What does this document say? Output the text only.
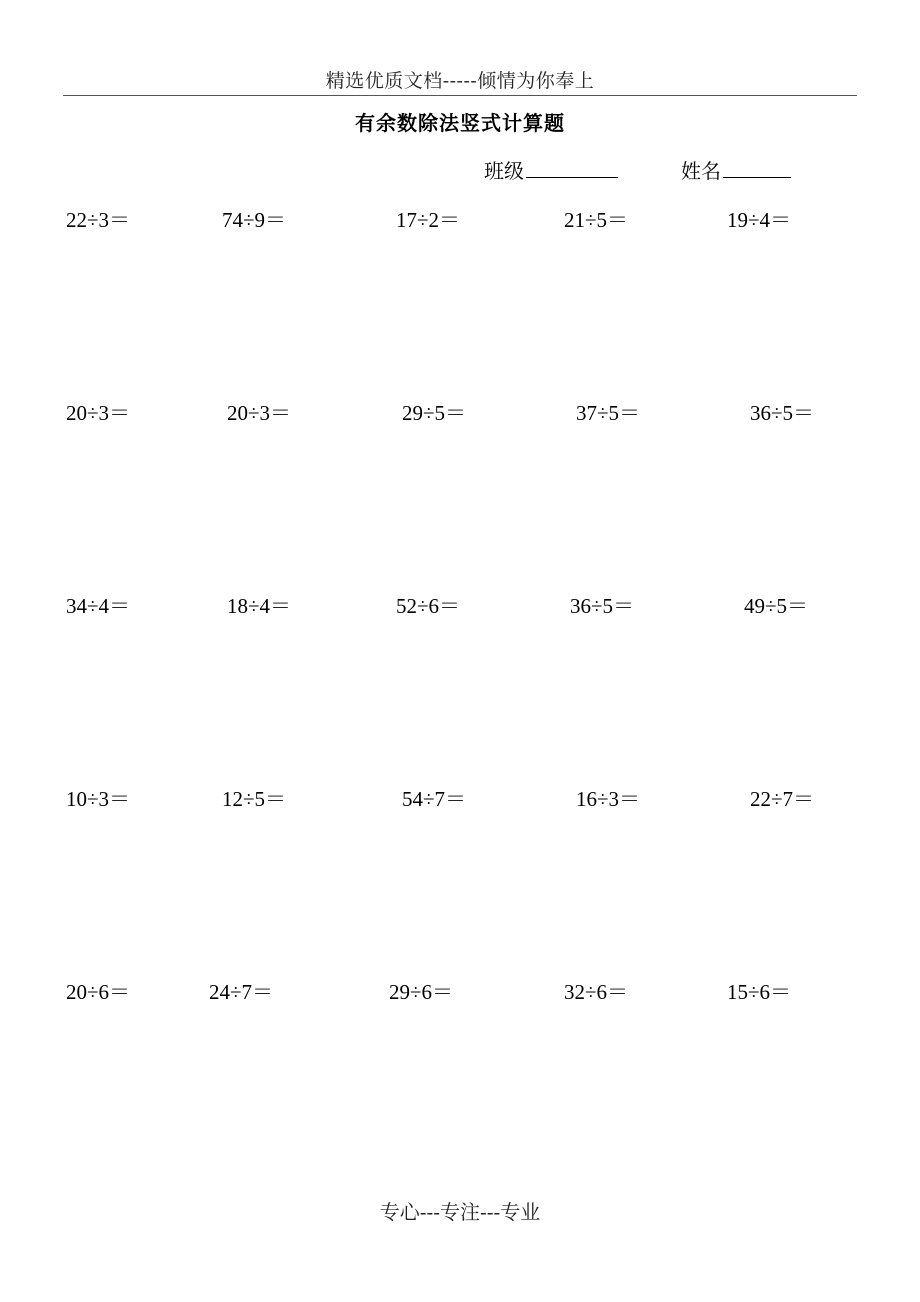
精选优质文档-----倾情为你奉上
有余数除法竖式计算题
班级	姓名
22÷3＝	74÷9＝	17÷2＝	21÷5＝	19÷4＝
20÷3＝	20÷3＝	29÷5＝	37÷5＝	36÷5＝
34÷4＝	18÷4＝	52÷6＝	36÷5＝	49÷5＝
10÷3＝	12÷5＝	54÷7＝	16÷3＝	22÷7＝
20÷6＝	24÷7＝	29÷6＝	32÷6＝	15÷6＝
专心---专注---专业
